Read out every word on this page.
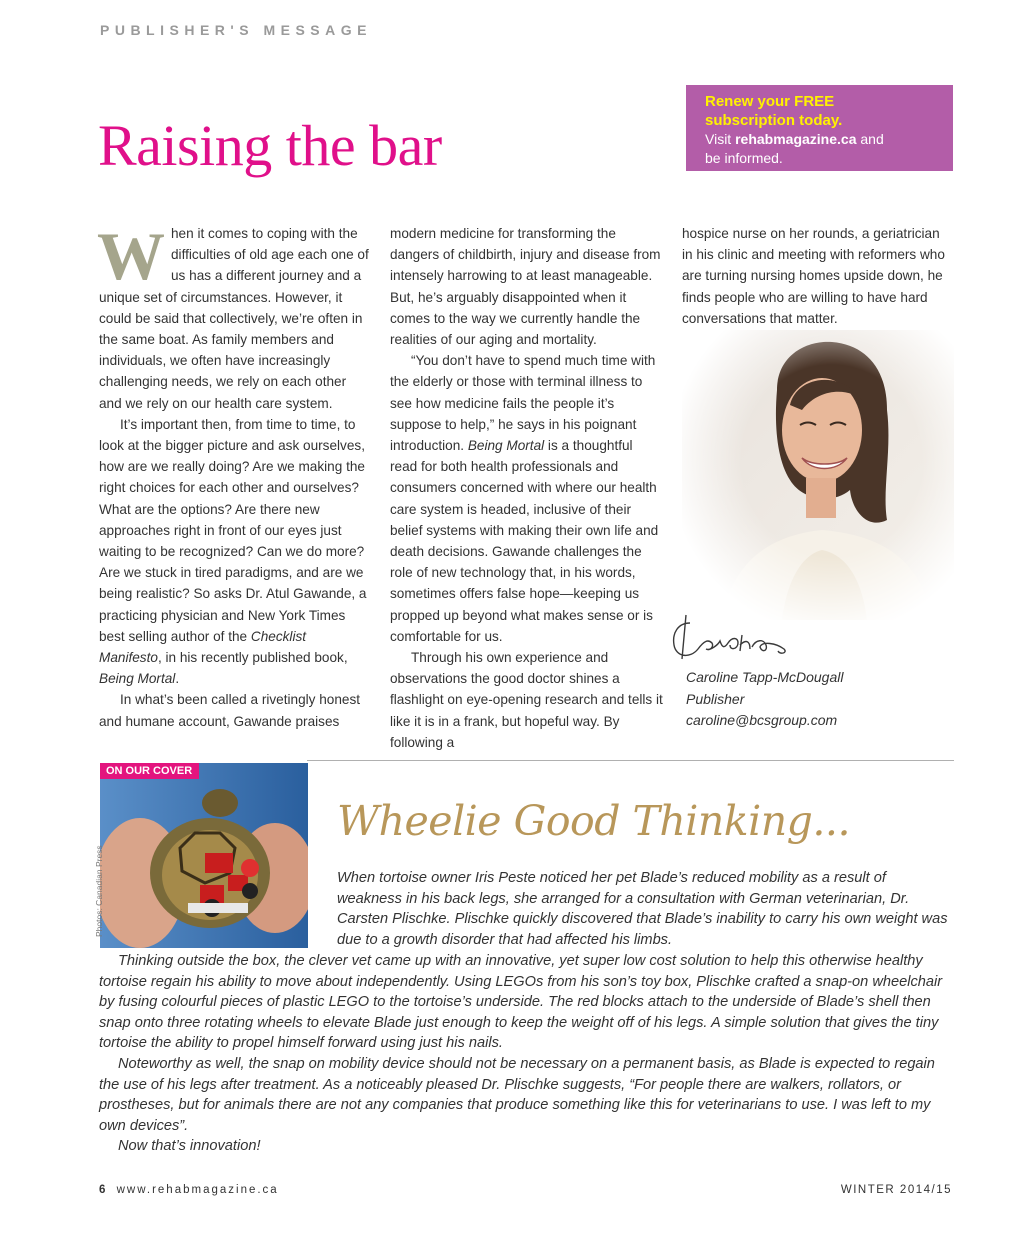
PUBLISHER'S MESSAGE
Raising the bar
Renew your FREE
subscription today.
Visit rehabmagazine.ca and
be informed.

When it comes to coping with the difficulties of old age each one of us has a different journey and a unique set of circumstances. However, it could be said that collectively, we’re often in the same boat. As family members and individuals, we often have increasingly challenging needs, we rely on each other and we rely on our health care system.

It’s important then, from time to time, to look at the bigger picture and ask ourselves, how are we really doing? Are we making the right choices for each other and ourselves? What are the options? Are there new approaches right in front of our eyes just waiting to be recognized? Can we do more? Are we stuck in tired paradigms, and are we being realistic? So asks Dr. Atul Gawande, a practicing physician and New York Times best selling author of the Checklist Manifesto, in his recently published book, Being Mortal.

In what’s been called a rivetingly honest and humane account, Gawande praises

modern medicine for transforming the dangers of childbirth, injury and disease from intensely harrowing to at least manageable. But, he’s arguably disappointed when it comes to the way we currently handle the realities of our aging and mortality.

“You don’t have to spend much time with the elderly or those with terminal illness to see how medicine fails the people it’s suppose to help,” he says in his poignant introduction. Being Mortal is a thoughtful read for both health professionals and consumers concerned with where our health care system is headed, inclusive of their belief systems with making their own life and death decisions. Gawande challenges the role of new technology that, in his words, sometimes offers false hope—keeping us propped up beyond what makes sense or is comfortable for us.

Through his own experience and observations the good doctor shines a flashlight on eye-opening research and tells it like it is in a frank, but hopeful way. By following a

hospice nurse on her rounds, a geriatrician in his clinic and meeting with reformers who are turning nursing homes upside down, he finds people who are willing to have hard conversations that matter.

Caroline Tapp-McDougall
Publisher
caroline@bcsgroup.com
ON OUR COVER
Photos: Canadian Press
Wheelie Good Thinking...

When tortoise owner Iris Peste noticed her pet Blade’s reduced mobility as a result of weakness in his back legs, she arranged for a consultation with German veterinarian, Dr. Carsten Plischke. Plischke quickly discovered that Blade’s inability to carry his own weight was due to a growth disorder that had affected his limbs.

Thinking outside the box, the clever vet came up with an innovative, yet super low cost solution to help this otherwise healthy tortoise regain his ability to move about independently. Using LEGOs from his son’s toy box, Plischke crafted a snap-on wheelchair by fusing colourful pieces of plastic LEGO to the tortoise’s underside. The red blocks attach to the underside of Blade’s shell then snap onto three rotating wheels to elevate Blade just enough to keep the weight off of his legs. A simple solution that gives the tiny tortoise the ability to propel himself forward using just his nails.

Noteworthy as well, the snap on mobility device should not be necessary on a permanent basis, as Blade is expected to regain the use of his legs after treatment. As a noticeably pleased Dr. Plischke suggests, “For people there are walkers, rollators, or prostheses, but for animals there are not any companies that produce something like this for veterinarians to use. I was left to my own devices”.

Now that’s innovation!

6 www.rehabmagazine.ca	WINTER 2014/15
